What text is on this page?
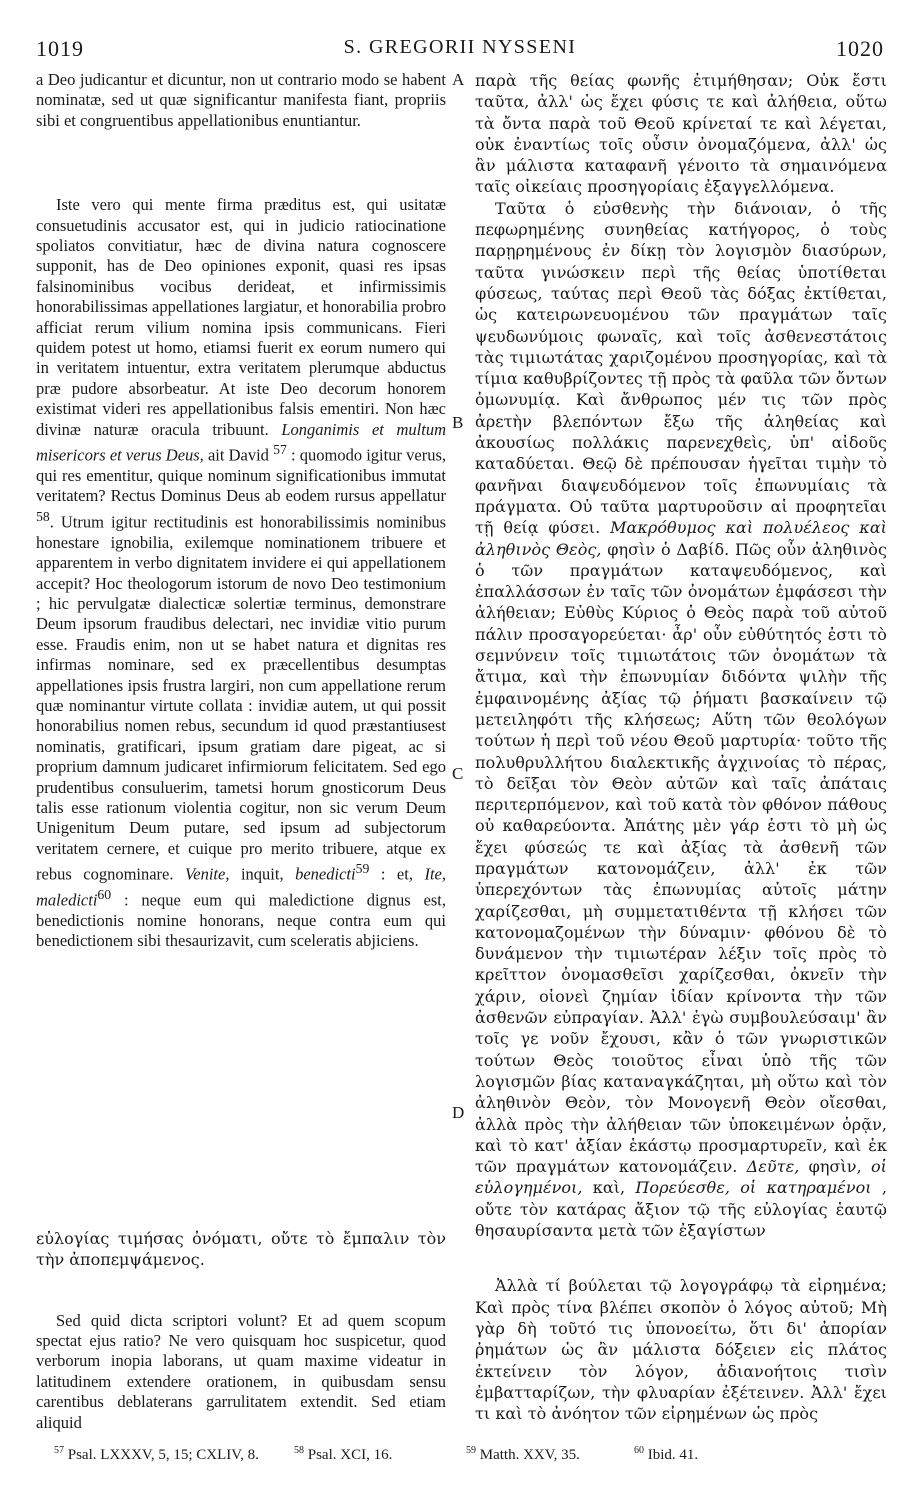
1019	S. GREGORII NYSSENI	1020

a Deo judicantur et dicuntur, non ut contrario modo se habent nominatæ, sed ut quæ significantur manifesta fiant, propriis sibi et congruentibus appellationibus enuntiantur.

Iste vero qui mente firma præditus est, qui usitatæ consuetudinis accusator est, qui in judicio ratiocinatione spoliatos convitiatur, hæc de divina natura cognoscere supponit, has de Deo opiniones exponit, quasi res ipsas falsinominibus vocibus derideat, et infirmissimis honorabilissimas appellationes largiatur, et honorabilia probro afficiat rerum vilium nomina ipsis communicans. Fieri quidem potest ut homo, etiamsi fuerit ex eorum numero qui in veritatem intuentur, extra veritatem plerumque abductus præ pudore absorbeatur. At iste Deo decorum honorem existimat videri res appellationibus falsis ementiri. Non hæc divinæ naturæ oracula tribuunt. Longanimis et multum misericors et verus Deus, ait David $^{57}$ : quomodo igitur verus, qui res ementitur, quique nominum significationibus immutat veritatem? Rectus Dominus Deus ab eodem rursus appellatur $^{58}$. Utrum igitur rectitudinis est honorabilissimis nominibus honestare ignobilia, exilemque nominationem tribuere et apparentem in verbo dignitatem invidere ei qui appellationem accepit? Hoc theologorum istorum de novo Deo testimonium ; hic pervulgatæ dialecticæ solertiæ terminus, demonstrare Deum ipsorum fraudibus delectari, nec invidiæ vitio purum esse. Fraudis enim, non ut se habet natura et dignitas res infirmas nominare, sed ex præcellentibus desumptas appellationes ipsis frustra largiri, non cum appellatione rerum quæ nominantur virtute collata : invidiæ autem, ut qui possit honorabilius nomen rebus, secundum id quod præstantiusest nominatis, gratificari, ipsum gratiam dare pigeat, ac si proprium damnum judicaret infirmiorum felicitatem. Sed ego prudentibus consuluerim, tametsi horum gnosticorum Deus talis esse rationum violentia cogitur, non sic verum Deum Unigenitum Deum putare, sed ipsum ad subjectorum veritatem cernere, et cuique pro merito tribuere, atque ex rebus cognominare. Venite, inquit, benedicti$^{59}$ : et, Ite, maledicti$^{60}$ : neque eum qui maledictione dignus est, benedictionis nomine honorans, neque contra eum qui benedictionem sibi thesaurizavit, cum sceleratis abjiciens.

εὐλογίας τιμήσας ὀνόματι, οὔτε τὸ ἔμπαλιν τὸν τὴν ἀποπεμψάμενος.

Sed quid dicta scriptori volunt? Et ad quem scopum spectat ejus ratio? Ne vero quisquam hoc suspicetur, quod verborum inopia laborans, ut quam maxime videatur in latitudinem extendere orationem, in quibusdam sensu carentibus deblaterans garrulitatem extendit. Sed etiam aliquid

A
B
C
D

παρὰ τῆς θείας φωνῆς ἐτιμήθησαν; Οὐκ ἔστι ταῦτα, ἀλλ' ὡς ἔχει φύσις τε καὶ ἀλήθεια, οὕτω τὰ ὄντα παρὰ τοῦ Θεοῦ κρίνεταί τε καὶ λέγεται, οὐκ ἐναντίως τοῖς οὖσιν ὀνομαζόμενα, ἀλλ' ὡς ἂν μάλιστα καταφανῆ γένοιτο τὰ σημαινόμενα ταῖς οἰκείαις προσηγορίαις ἐξαγγελλόμενα.

Ταῦτα ὁ εὐσθενὴς τὴν διάνοιαν, ὁ τῆς πεφωρημένης συνηθείας κατήγορος, ὁ τοὺς παρῃρημένους ἐν δίκῃ τὸν λογισμὸν διασύρων, ταῦτα γινώσκειν περὶ τῆς θείας ὑποτίθεται φύσεως, ταύτας περὶ Θεοῦ τὰς δόξας ἐκτίθεται, ὡς κατειρωνευομένου τῶν πραγμάτων ταῖς ψευδωνύμοις φωναῖς, καὶ τοῖς ἀσθενεστάτοις τὰς τιμιωτάτας χαριζομένου προσηγορίας, καὶ τὰ τίμια καθυβρίζοντες τῇ πρὸς τὰ φαῦλα τῶν ὄντων ὁμωνυμίᾳ. Καὶ ἄνθρωπος μέν τις τῶν πρὸς ἀρετὴν βλεπόντων ἔξω τῆς ἀληθείας καὶ ἀκουσίως πολλάκις παρενεχθεὶς, ὑπ' αἰδοῦς καταδύεται. Θεῷ δὲ πρέπουσαν ἡγεῖται τιμὴν τὸ φανῆναι διαψευδόμενον τοῖς ἐπωνυμίαις τὰ πράγματα. Οὐ ταῦτα μαρτυροῦσιν αἱ προφητεῖαι τῇ θείᾳ φύσει. Μακρόθυμος καὶ πολυέλεος καὶ ἀληθινὸς Θεὸς, φησὶν ὁ Δαβίδ. Πῶς οὖν ἀληθινὸς ὁ τῶν πραγμάτων καταψευδόμενος, καὶ ἐπαλλάσσων ἐν ταῖς τῶν ὀνομάτων ἐμφάσεσι τὴν ἀλήθειαν; Εὐθὺς Κύριος ὁ Θεὸς παρὰ τοῦ αὐτοῦ πάλιν προσαγορεύεται· ἆρ' οὖν εὐθύτητός ἐστι τὸ σεμνύνειν τοῖς τιμιωτάτοις τῶν ὀνομάτων τὰ ἄτιμα, καὶ τὴν ἐπωνυμίαν διδόντα ψιλὴν τῆς ἐμφαινομένης ἀξίας τῷ ῥήματι βασκαίνειν τῷ μετειληφότι τῆς κλήσεως; Αὕτη τῶν θεολόγων τούτων ἡ περὶ τοῦ νέου Θεοῦ μαρτυρία· τοῦτο τῆς πολυθρυλλήτου διαλεκτικῆς ἀγχινοίας τὸ πέρας, τὸ δεῖξαι τὸν Θεὸν αὐτῶν καὶ ταῖς ἀπάταις περιτερπόμενον, καὶ τοῦ κατὰ τὸν φθόνον πάθους οὐ καθαρεύοντα. Ἀπάτης μὲν γάρ ἐστι τὸ μὴ ὡς ἔχει φύσεώς τε καὶ ἀξίας τὰ ἀσθενῆ τῶν πραγμάτων κατονομάζειν, ἀλλ' ἐκ τῶν ὑπερεχόντων τὰς ἐπωνυμίας αὐτοῖς μάτην χαρίζεσθαι, μὴ συμμετατιθέντα τῇ κλήσει τῶν κατονομαζομένων τὴν δύναμιν· φθόνου δὲ τὸ δυνάμενον τὴν τιμιωτέραν λέξιν τοῖς πρὸς τὸ κρεῖττον ὀνομασθεῖσι χαρίζεσθαι, ὀκνεῖν τὴν χάριν, οἱονεὶ ζημίαν ἰδίαν κρίνοντα τὴν τῶν ἀσθενῶν εὐπραγίαν. Ἀλλ' ἐγὼ συμβουλεύσαιμ' ἂν τοῖς γε νοῦν ἔχουσι, κἂν ὁ τῶν γνωριστικῶν τούτων Θεὸς τοιοῦτος εἶναι ὑπὸ τῆς τῶν λογισμῶν βίας καταναγκάζηται, μὴ οὕτω καὶ τὸν ἀληθινὸν Θεὸν, τὸν Μονογενῆ Θεὸν οἴεσθαι, ἀλλὰ πρὸς τὴν ἀλήθειαν τῶν ὑποκειμένων ὁρᾷν, καὶ τὸ κατ' ἀξίαν ἑκάστῳ προσμαρτυρεῖν, καὶ ἐκ τῶν πραγμάτων κατονομάζειν. Δεῦτε, φησὶν, οἱ εὐλογημένοι, καὶ, Πορεύεσθε, οἱ κατηραμένοι , οὔτε τὸν κατάρας ἄξιον τῷ τῆς εὐλογίας ἑαυτῷ θησαυρίσαντα μετὰ τῶν ἐξαγίστων

Ἀλλὰ τί βούλεται τῷ λογογράφῳ τὰ εἰρημένα; Καὶ πρὸς τίνα βλέπει σκοπὸν ὁ λόγος αὐτοῦ; Μὴ γὰρ δὴ τοῦτό τις ὑπονοείτω, ὅτι δι' ἀπορίαν ῥημάτων ὡς ἂν μάλιστα δόξειεν εἰς πλάτος ἐκτείνειν τὸν λόγον, ἀδιανοήτοις τισὶν ἐμβατταρίζων, τὴν φλυαρίαν ἐξέτεινεν. Ἀλλ' ἔχει τι καὶ τὸ ἀνόητον τῶν εἰρημένων ὡς πρὸς

$^{57}$ Psal. LXXXV, 5, 15; CXLIV, 8.	$^{58}$ Psal. XCI, 16.	$^{59}$ Matth. XXV, 35.	$^{60}$ Ibid. 41.
